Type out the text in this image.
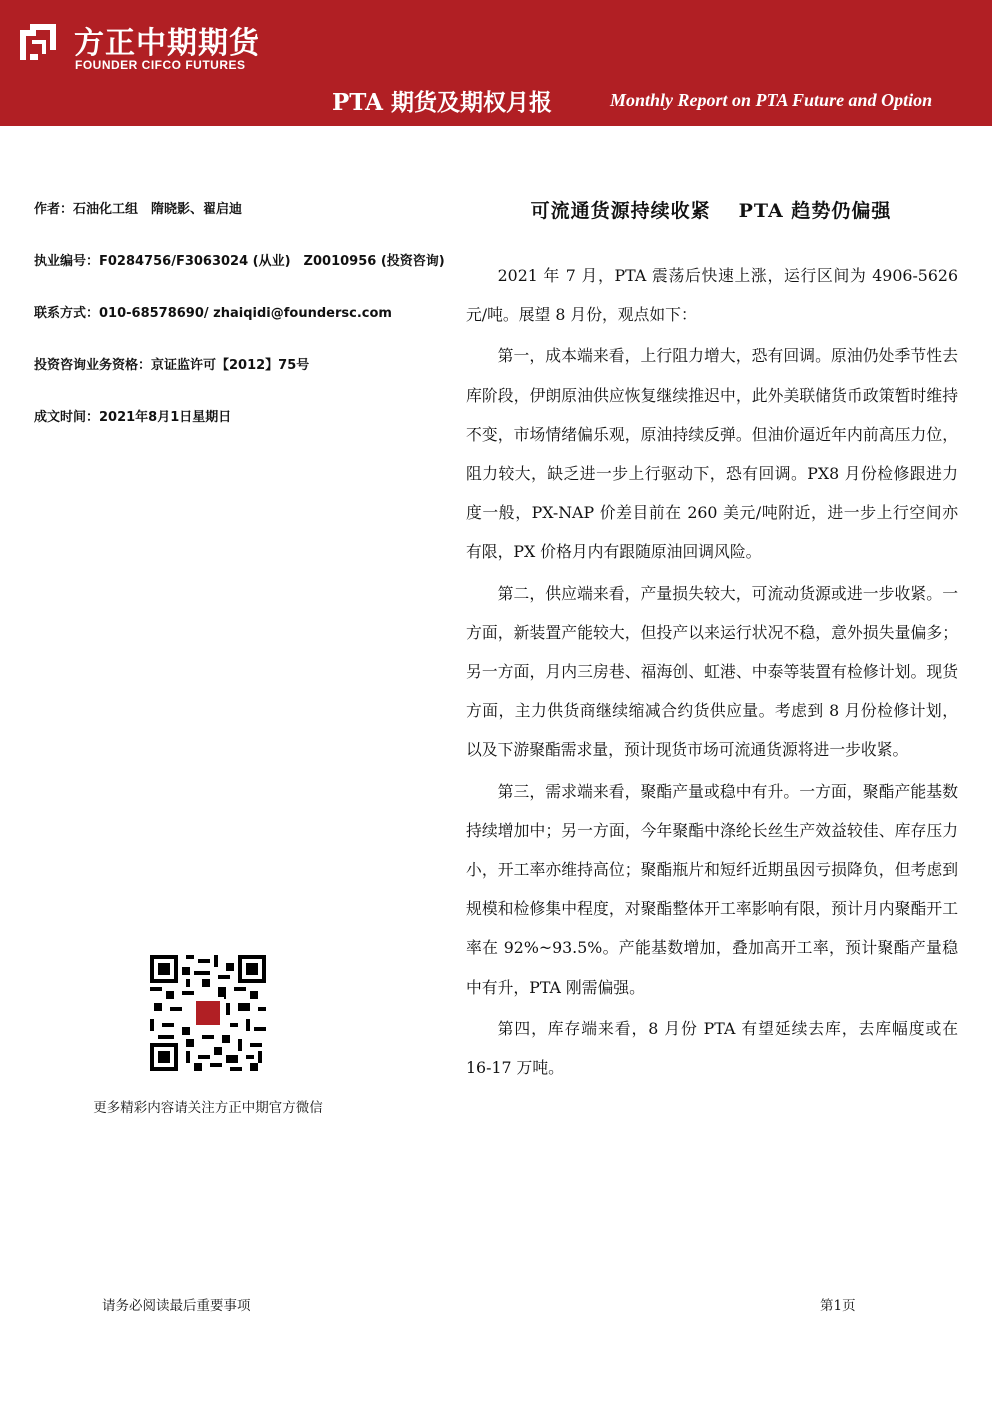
方正中期期货
FOUNDER CIFCO FUTURES
PTA 期货及期权月报	Monthly Report on PTA Future and Option
作者：石油化工组　隋晓影、翟启迪
执业编号：F0284756/F3063024 (从业)　Z0010956 (投资咨询)
联系方式：010-68578690/ zhaiqidi@foundersc.com
投资咨询业务资格：京证监许可【2012】75号
成文时间：2021年8月1日星期日
可流通货源持续收紧 PTA 趋势仍偏强

2021 年 7 月，PTA 震荡后快速上涨，运行区间为 4906-5626 元/吨。展望 8 月份，观点如下：

第一，成本端来看，上行阻力增大，恐有回调。原油仍处季节性去库阶段，伊朗原油供应恢复继续推迟中，此外美联储货币政策暂时维持不变，市场情绪偏乐观，原油持续反弹。但油价逼近年内前高压力位，阻力较大，缺乏进一步上行驱动下，恐有回调。PX8 月份检修跟进力度一般，PX-NAP 价差目前在 260 美元/吨附近，进一步上行空间亦有限，PX 价格月内有跟随原油回调风险。

第二，供应端来看，产量损失较大，可流动货源或进一步收紧。一方面，新装置产能较大，但投产以来运行状况不稳，意外损失量偏多；另一方面，月内三房巷、福海创、虹港、中泰等装置有检修计划。现货方面，主力供货商继续缩减合约货供应量。考虑到 8 月份检修计划，以及下游聚酯需求量，预计现货市场可流通货源将进一步收紧。

第三，需求端来看，聚酯产量或稳中有升。一方面，聚酯产能基数持续增加中；另一方面，今年聚酯中涤纶长丝生产效益较佳、库存压力小，开工率亦维持高位；聚酯瓶片和短纤近期虽因亏损降负，但考虑到规模和检修集中程度，对聚酯整体开工率影响有限，预计月内聚酯开工率在 92%~93.5%。产能基数增加，叠加高开工率，预计聚酯产量稳中有升，PTA 刚需偏强。

第四，库存端来看，8 月份 PTA 有望延续去库，去库幅度或在 16-17 万吨。

更多精彩内容请关注方正中期官方微信
请务必阅读最后重要事项	第1页
